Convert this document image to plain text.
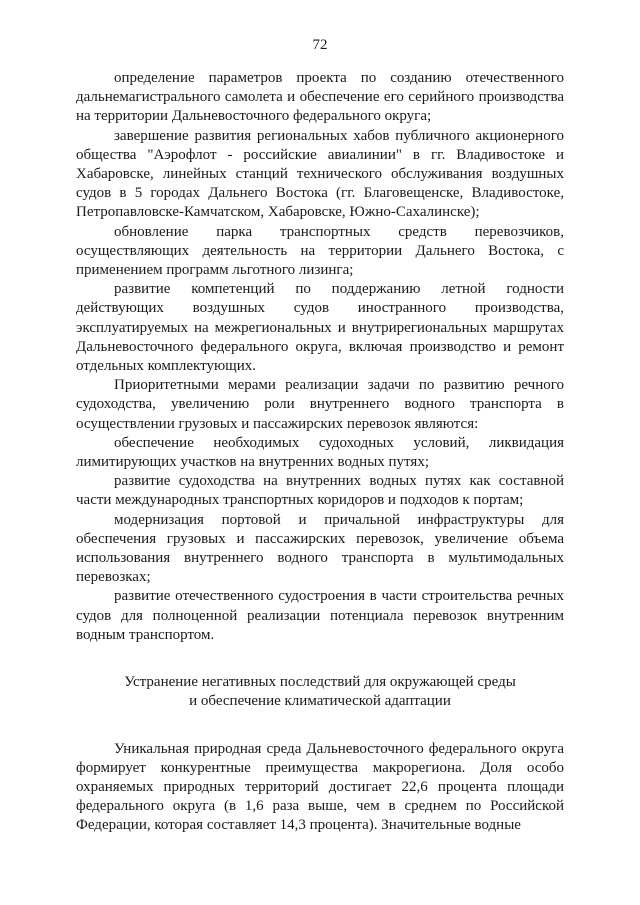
72

определение параметров проекта по созданию отечественного дальнемагистрального самолета и обеспечение его серийного производства на территории Дальневосточного федерального округа;

завершение развития региональных хабов публичного акционерного общества "Аэрофлот - российские авиалинии" в гг. Владивостоке и Хабаровске, линейных станций технического обслуживания воздушных судов в 5 городах Дальнего Востока (гг. Благовещенске, Владивостоке, Петропавловске-Камчатском, Хабаровске, Южно-Сахалинске);

обновление парка транспортных средств перевозчиков, осуществляющих деятельность на территории Дальнего Востока, с применением программ льготного лизинга;

развитие компетенций по поддержанию летной годности действующих воздушных судов иностранного производства, эксплуатируемых на межрегиональных и внутрирегиональных маршрутах Дальневосточного федерального округа, включая производство и ремонт отдельных комплектующих.

Приоритетными мерами реализации задачи по развитию речного судоходства, увеличению роли внутреннего водного транспорта в осуществлении грузовых и пассажирских перевозок являются:

обеспечение необходимых судоходных условий, ликвидация лимитирующих участков на внутренних водных путях;

развитие судоходства на внутренних водных путях как составной части международных транспортных коридоров и подходов к портам;

модернизация портовой и причальной инфраструктуры для обеспечения грузовых и пассажирских перевозок, увеличение объема использования внутреннего водного транспорта в мультимодальных перевозках;

развитие отечественного судостроения в части строительства речных судов для полноценной реализации потенциала перевозок внутренним водным транспортом.

Устранение негативных последствий для окружающей среды
и обеспечение климатической адаптации

Уникальная природная среда Дальневосточного федерального округа формирует конкурентные преимущества макрорегиона. Доля особо охраняемых природных территорий достигает 22,6 процента площади федерального округа (в 1,6 раза выше, чем в среднем по Российской Федерации, которая составляет 14,3 процента). Значительные водные
